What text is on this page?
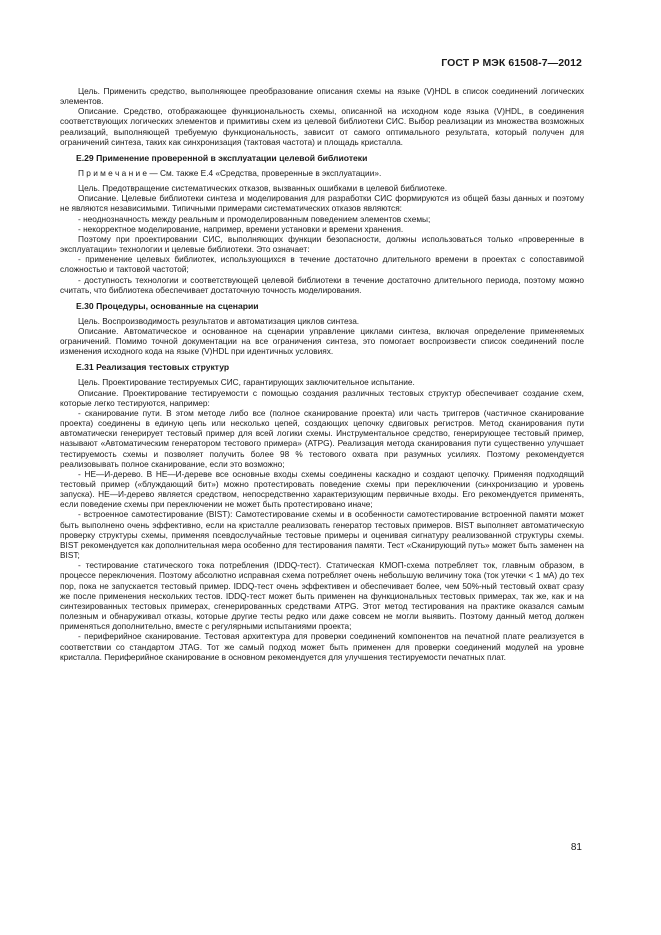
ГОСТ Р МЭК 61508-7—2012

Цель. Применить средство, выполняющее преобразование описания схемы на языке (V)HDL в список соединений логических элементов.

Описание. Средство, отображающее функциональность схемы, описанной на исходном коде языка (V)HDL, в соединения соответствующих логических элементов и примитивы схем из целевой библиотеки СИС. Выбор реализации из множества возможных реализаций, выполняющей требуемую функциональность, зависит от самого оптимального результата, который получен для ограничений синтеза, таких как синхронизация (тактовая частота) и площадь кристалла.

E.29 Применение проверенной в эксплуатации целевой библиотеки

П р и м е ч а н и е — См. также E.4 «Средства, проверенные в эксплуатации».

Цель. Предотвращение систематических отказов, вызванных ошибками в целевой библиотеке.

Описание. Целевые библиотеки синтеза и моделирования для разработки СИС формируются из общей базы данных и поэтому не являются независимыми. Типичными примерами систематических отказов являются:

- неоднозначность между реальным и промоделированным поведением элементов схемы;

- некорректное моделирование, например, времени установки и времени хранения.

Поэтому при проектировании СИС, выполняющих функции безопасности, должны использоваться только «проверенные в эксплуатации» технологии и целевые библиотеки. Это означает:

- применение целевых библиотек, использующихся в течение достаточно длительного времени в проектах с сопоставимой сложностью и тактовой частотой;

- доступность технологии и соответствующей целевой библиотеки в течение достаточно длительного периода, поэтому можно считать, что библиотека обеспечивает достаточную точность моделирования.

E.30 Процедуры, основанные на сценарии

Цель. Воспроизводимость результатов и автоматизация циклов синтеза.

Описание. Автоматическое и основанное на сценарии управление циклами синтеза, включая определение применяемых ограничений. Помимо точной документации на все ограничения синтеза, это помогает воспроизвести список соединений после изменения исходного кода на языке (V)HDL при идентичных условиях.

E.31 Реализация тестовых структур

Цель. Проектирование тестируемых СИС, гарантирующих заключительное испытание.

Описание. Проектирование тестируемости с помощью создания различных тестовых структур обеспечивает создание схем, которые легко тестируются, например:

- сканирование пути. В этом методе либо все (полное сканирование проекта) или часть триггеров (частичное сканирование проекта) соединены в единую цепь или несколько цепей, создающих цепочку сдвиговых регистров. Метод сканирования пути автоматически генерирует тестовый пример для всей логики схемы. Инструментальное средство, генерирующее тестовый пример, называют «Автоматическим генератором тестового примера» (ATPG). Реализация метода сканирования пути существенно улучшает тестируемость схемы и позволяет получить более 98 % тестового охвата при разумных усилиях. Поэтому рекомендуется реализовывать полное сканирование, если это возможно;

- НЕ—И-дерево. В НЕ—И-дереве все основные входы схемы соединены каскадно и создают цепочку. Применяя подходящий тестовый пример («блуждающий бит») можно протестировать поведение схемы при переключении (синхронизацию и уровень запуска). НЕ—И-дерево является средством, непосредственно характеризующим первичные входы. Его рекомендуется применять, если поведение схемы при переключении не может быть протестировано иначе;

- встроенное самотестирование (BIST): Самотестирование схемы и в особенности самотестирование встроенной памяти может быть выполнено очень эффективно, если на кристалле реализовать генератор тестовых примеров. BIST выполняет автоматическую проверку структуры схемы, применяя псевдослучайные тестовые примеры и оценивая сигнатуру реализованной структуры схемы. BIST рекомендуется как дополнительная мера особенно для тестирования памяти. Тест «Сканирующий путь» может быть заменен на BIST;

- тестирование статического тока потребления (IDDQ-тест). Статическая КМОП-схема потребляет ток, главным образом, в процессе переключения. Поэтому абсолютно исправная схема потребляет очень небольшую величину тока (ток утечки < 1 мА) до тех пор, пока не запускается тестовый пример. IDDQ-тест очень эффективен и обеспечивает более, чем 50%-ный тестовый охват сразу же после применения нескольких тестов. IDDQ-тест может быть применен на функциональных тестовых примерах, так же, как и на синтезированных тестовых примерах, сгенерированных средствами ATPG. Этот метод тестирования на практике оказался самым полезным и обнаруживал отказы, которые другие тесты редко или даже совсем не могли выявить. Поэтому данный метод должен применяться дополнительно, вместе с регулярными испытаниями проекта;

- периферийное сканирование. Тестовая архитектура для проверки соединений компонентов на печатной плате реализуется в соответствии со стандартом JTAG. Тот же самый подход может быть применен для проверки соединений модулей на уровне кристалла. Периферийное сканирование в основном рекомендуется для улучшения тестируемости печатных плат.

81
